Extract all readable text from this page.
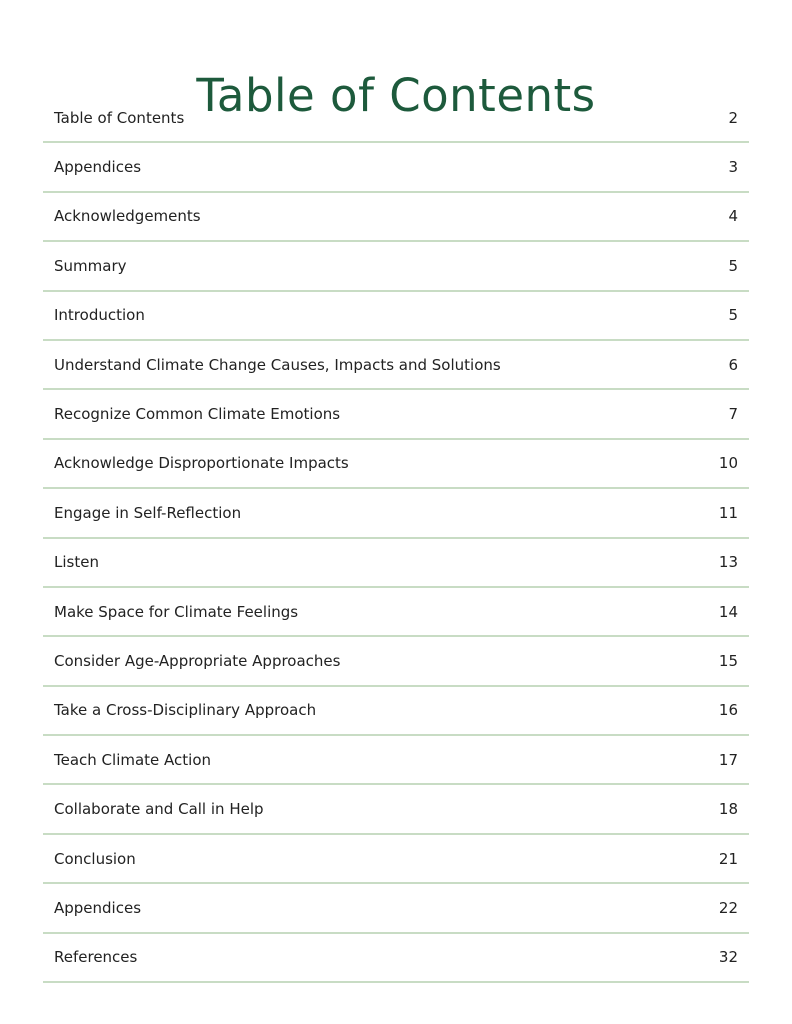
Table of Contents
Table of Contents	2
Appendices	3
Acknowledgements	4
Summary	5
Introduction	5
Understand Climate Change Causes, Impacts and Solutions	6
Recognize Common Climate Emotions	7
Acknowledge Disproportionate Impacts	10
Engage in Self-Reflection	11
Listen	13
Make Space for Climate Feelings	14
Consider Age-Appropriate Approaches	15
Take a Cross-Disciplinary Approach	16
Teach Climate Action	17
Collaborate and Call in Help	18
Conclusion	21
Appendices	22
References	32
